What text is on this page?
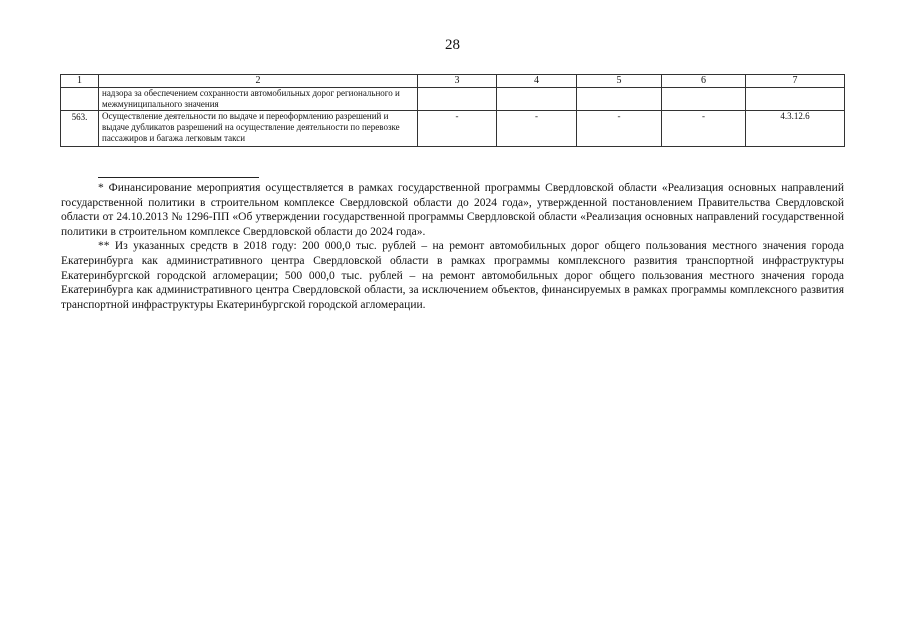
28
1	2	3	4	5	6	7
	надзора за обеспечением сохранности автомобильных дорог регионального и межмуниципального значения					
563.	Осуществление деятельности по выдаче и переоформлению разрешений и выдаче дубликатов разрешений на осуществление деятельности по перевозке пассажиров и багажа легковым такси	-	-	-	-	4.3.12.6

* Финансирование мероприятия осуществляется в рамках государственной программы Свердловской области «Реализация основных направлений государственной политики в строительном комплексе Свердловской области до 2024 года», утвержденной постановлением Правительства Свердловской области от 24.10.2013 № 1296-ПП «Об утверждении государственной программы Свердловской области «Реализация основных направлений государственной политики в строительном комплексе Свердловской области до 2024 года».

** Из указанных средств в 2018 году: 200 000,0 тыс. рублей – на ремонт автомобильных дорог общего пользования местного значения города Екатеринбурга как административного центра Свердловской области в рамках программы комплексного развития транспортной инфраструктуры Екатеринбургской городской агломерации; 500 000,0 тыс. рублей – на ремонт автомобильных дорог общего пользования местного значения города Екатеринбурга как административного центра Свердловской области, за исключением объектов, финансируемых в рамках программы комплексного развития транспортной инфраструктуры Екатеринбургской городской агломерации.
